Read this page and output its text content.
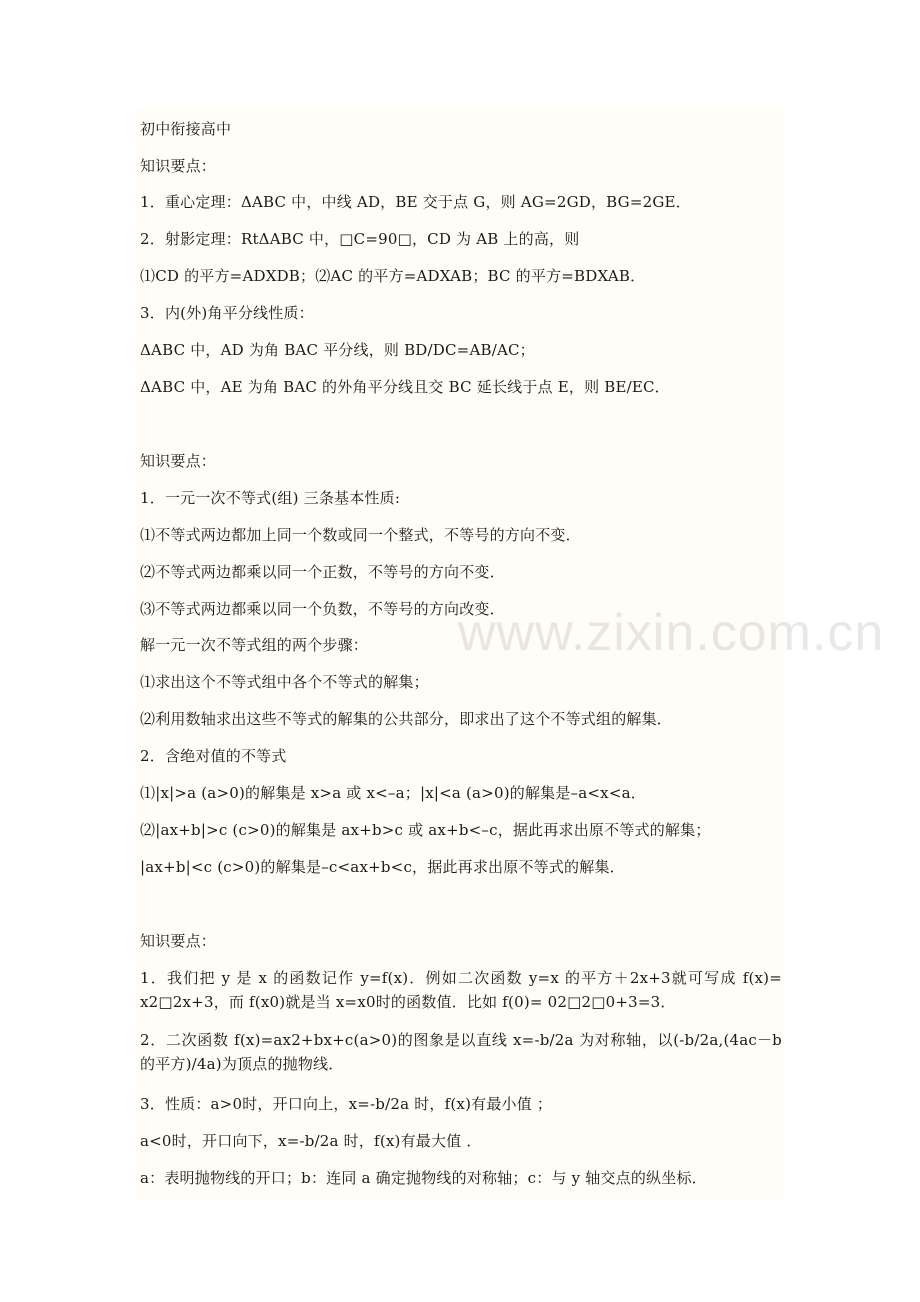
初中衔接高中
知识要点：
1．重心定理：ΔABC 中，中线 AD，BE 交于点 G，则 AG=2GD，BG=2GE．
2．射影定理：RtΔABC 中，□C=90□，CD 为 AB 上的高，则
⑴CD 的平方=ADXDB；⑵AC 的平方=ADXAB；BC 的平方=BDXAB．
3．内(外)角平分线性质：
ΔABC 中，AD 为角 BAC 平分线，则 BD/DC=AB/AC；
ΔABC 中，AE 为角 BAC 的外角平分线且交 BC 延长线于点 E，则 BE/EC．
知识要点：
1．一元一次不等式(组) 三条基本性质:
⑴不等式两边都加上同一个数或同一个整式，不等号的方向不变．
⑵不等式两边都乘以同一个正数，不等号的方向不变．
⑶不等式两边都乘以同一个负数，不等号的方向改变．
解一元一次不等式组的两个步骤：
⑴求出这个不等式组中各个不等式的解集；
⑵利用数轴求出这些不等式的解集的公共部分，即求出了这个不等式组的解集．
2．含绝对值的不等式
⑴|x|>a (a>0)的解集是 x>a 或 x<–a；|x|<a (a>0)的解集是–a<x<a．
⑵|ax+b|>c (c>0)的解集是 ax+b>c 或 ax+b<–c，据此再求出原不等式的解集；
|ax+b|<c (c>0)的解集是–c<ax+b<c，据此再求出原不等式的解集．
知识要点：
1．我们把 y 是 x 的函数记作 y=f(x)．例如二次函数 y=x 的平方＋2x+3就可写成 f(x)= x2□2x+3，而 f(x0)就是当 x=x0时的函数值．比如 f(0)= 02□2□0+3=3．
2．二次函数 f(x)=ax2+bx+c(a>0)的图象是以直线 x=-b/2a 为对称轴，以(-b/2a,(4ac－b 的平方)/4a)为顶点的抛物线．
3．性质：a>0时，开口向上，x=-b/2a 时，f(x)有最小值 ；
a<0时，开口向下，x=-b/2a 时，f(x)有最大值 ．
a：表明抛物线的开口；b：连同 a 确定抛物线的对称轴；c：与 y 轴交点的纵坐标．
www.zixin.com.cn
